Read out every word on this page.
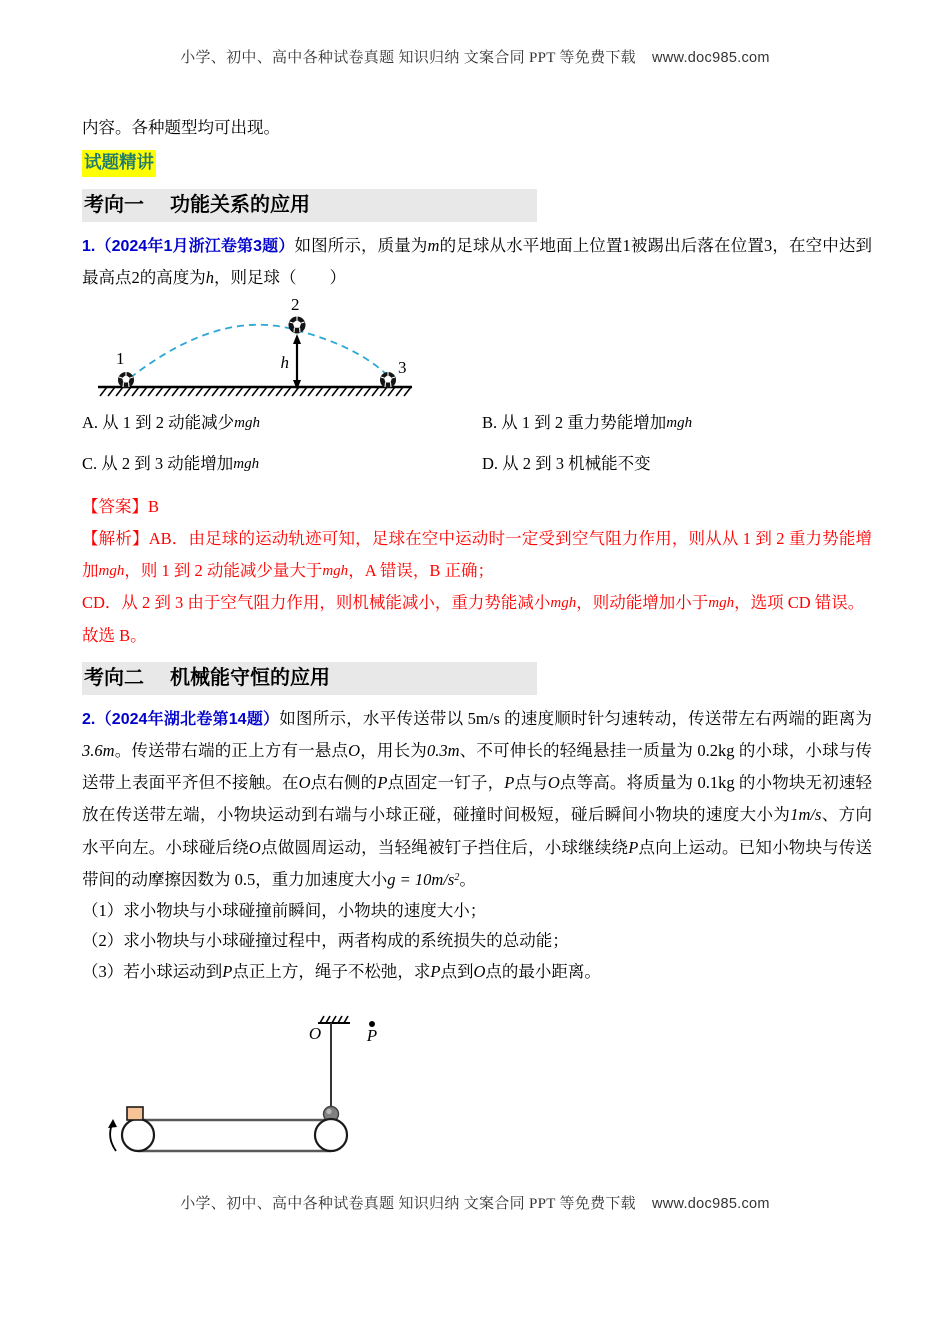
小学、初中、高中各种试卷真题 知识归纳 文案合同 PPT 等免费下载 www.doc985.com

内容。各种题型均可出现。

试题精讲
考向一 功能关系的应用

1.（2024年1月浙江卷第3题）如图所示，质量为m的足球从水平地面上位置1被踢出后落在位置3，在空中达到最高点2的高度为h，则足球（　　）

h
1
2
3
A. 从 1 到 2 动能减少mgh	B. 从 1 到 2 重力势能增加mgh
C. 从 2 到 3 动能增加mgh	D. 从 2 到 3 机械能不变

【答案】B

【解析】AB．由足球的运动轨迹可知，足球在空中运动时一定受到空气阻力作用，则从从 1 到 2 重力势能增加mgh，则 1 到 2 动能减少量大于mgh，A 错误，B 正确；

CD．从 2 到 3 由于空气阻力作用，则机械能减小，重力势能减小mgh，则动能增加小于mgh，选项 CD 错误。

故选 B。

考向二 机械能守恒的应用

2.（2024年湖北卷第14题）如图所示，水平传送带以 5m/s 的速度顺时针匀速转动，传送带左右两端的距离为3.6m。传送带右端的正上方有一悬点O，用长为0.3m、不可伸长的轻绳悬挂一质量为 0.2kg 的小球，小球与传送带上表面平齐但不接触。在O点右侧的P点固定一钉子，P点与O点等高。将质量为 0.1kg 的小物块无初速轻放在传送带左端，小物块运动到右端与小球正碰，碰撞时间极短，碰后瞬间小物块的速度大小为1m/s、方向水平向左。小球碰后绕O点做圆周运动，当轻绳被钉子挡住后，小球继续绕P点向上运动。已知小物块与传送带间的动摩擦因数为 0.5，重力加速度大小$g = 10m/s^2$。

（1）求小物块与小球碰撞前瞬间，小物块的速度大小；

（2）求小物块与小球碰撞过程中，两者构成的系统损失的总动能；

（3）若小球运动到P点正上方，绳子不松弛，求P点到O点的最小距离。

O	P
小学、初中、高中各种试卷真题 知识归纳 文案合同 PPT 等免费下载 www.doc985.com
